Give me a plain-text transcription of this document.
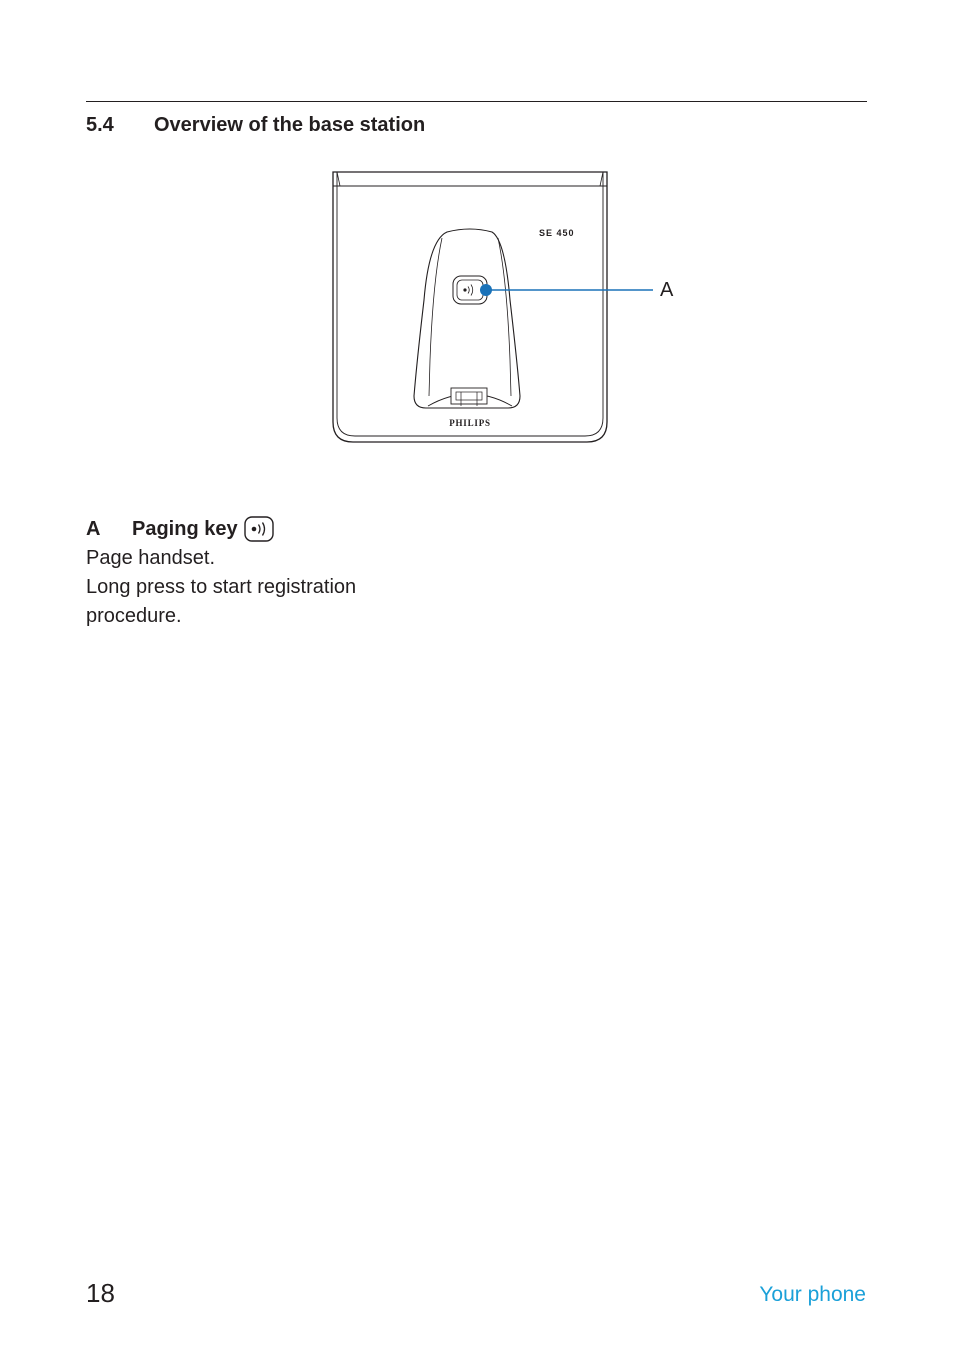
5.4 Overview of the base station
A
SE 450
PHILIPS
A	Paging key

Page handset.

Long press to start registration

procedure.

18	Your phone
